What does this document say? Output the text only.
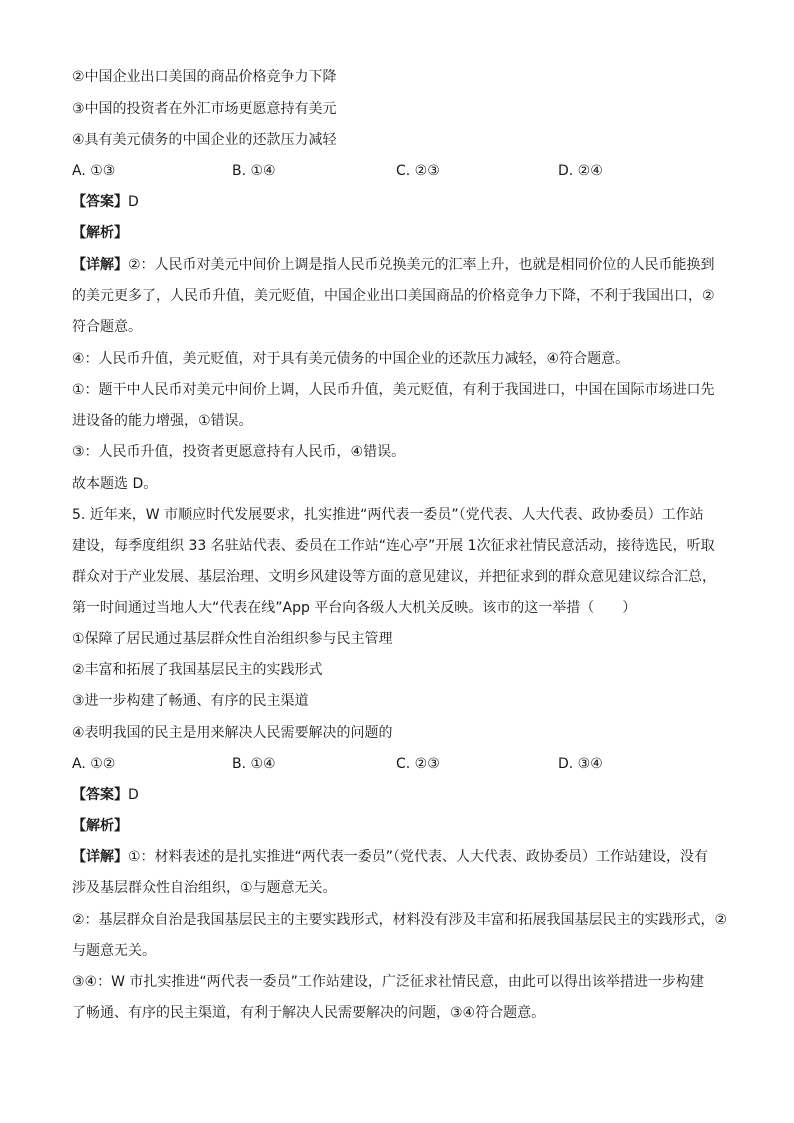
②中国企业出口美国的商品价格竞争力下降
③中国的投资者在外汇市场更愿意持有美元
④具有美元债务的中国企业的还款压力减轻
A. ①③	B. ①④	C. ②③	D. ②④
【答案】D
【解析】
【详解】②：人民币对美元中间价上调是指人民币兑换美元的汇率上升，也就是相同价位的人民币能换到
的美元更多了，人民币升值，美元贬值，中国企业出口美国商品的价格竞争力下降，不利于我国出口，②
符合题意。
④：人民币升值，美元贬值，对于具有美元债务的中国企业的还款压力减轻，④符合题意。
①：题干中人民币对美元中间价上调，人民币升值，美元贬值，有利于我国进口，中国在国际市场进口先
进设备的能力增强，①错误。
③：人民币升值，投资者更愿意持有人民币，④错误。
故本题选 D。
5. 近年来，W 市顺应时代发展要求，扎实推进“两代表一委员”（党代表、人大代表、政协委员）工作站
建设，每季度组织 33 名驻站代表、委员在工作站“连心亭”开展 1次征求社情民意活动，接待选民，听取
群众对于产业发展、基层治理、文明乡风建设等方面的意见建议，并把征求到的群众意见建议综合汇总，
第一时间通过当地人大“代表在线”App 平台向各级人大机关反映。该市的这一举措（　　）
①保障了居民通过基层群众性自治组织参与民主管理
②丰富和拓展了我国基层民主的实践形式
③进一步构建了畅通、有序的民主渠道
④表明我国的民主是用来解决人民需要解决的问题的
A. ①②	B. ①④	C. ②③	D. ③④
【答案】D
【解析】
【详解】①：材料表述的是扎实推进“两代表一委员”（党代表、人大代表、政协委员）工作站建设，没有
涉及基层群众性自治组织，①与题意无关。
②：基层群众自治是我国基层民主的主要实践形式，材料没有涉及丰富和拓展我国基层民主的实践形式，②
与题意无关。
③④：W 市扎实推进“两代表一委员”工作站建设，广泛征求社情民意，由此可以得出该举措进一步构建
了畅通、有序的民主渠道，有利于解决人民需要解决的问题，③④符合题意。
